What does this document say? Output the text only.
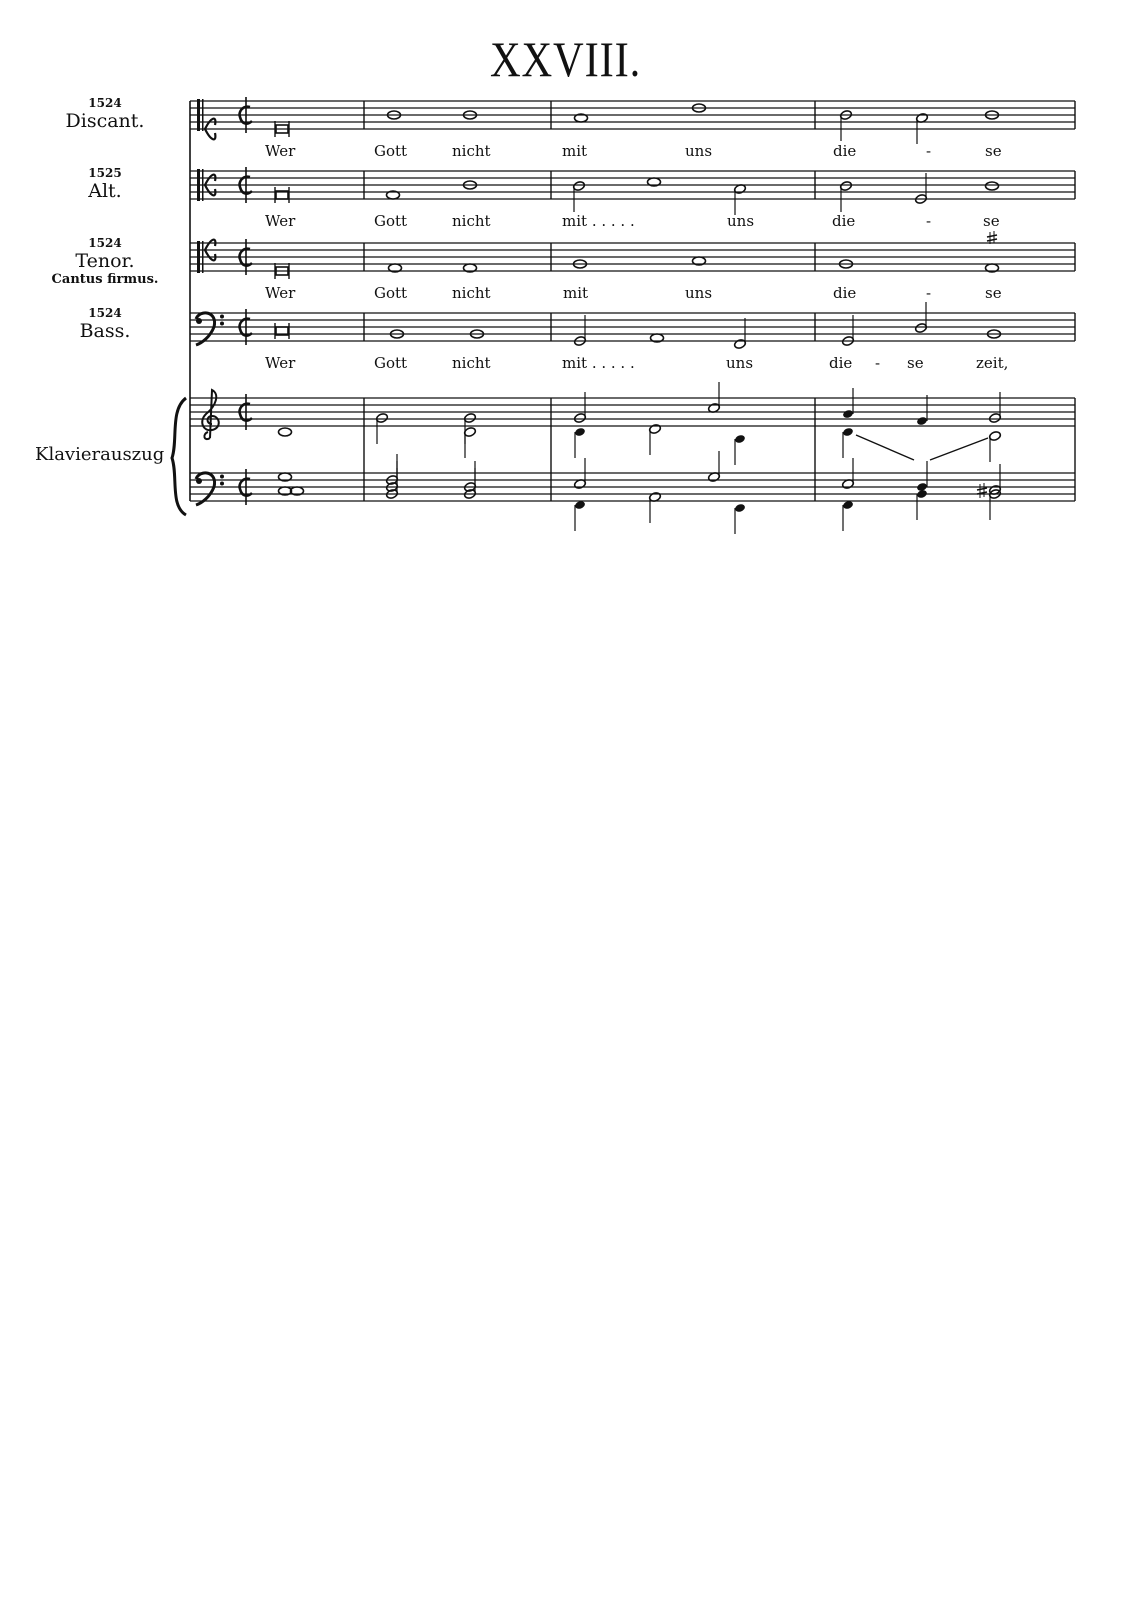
XXVIII.
1524
Discant.
1525
Alt.
1524
Tenor.
Cantus firmus.
1524
Bass.
Klavierauszug
Wer	Gott	nicht	mit	uns	die	-	se
Wer	Gott	nicht	mit . . . . .	uns	die	-	se
Wer	Gott	nicht	mit	uns	die	-	se
Wer	Gott	nicht	mit . . . . .	uns	die - se	zeit,
